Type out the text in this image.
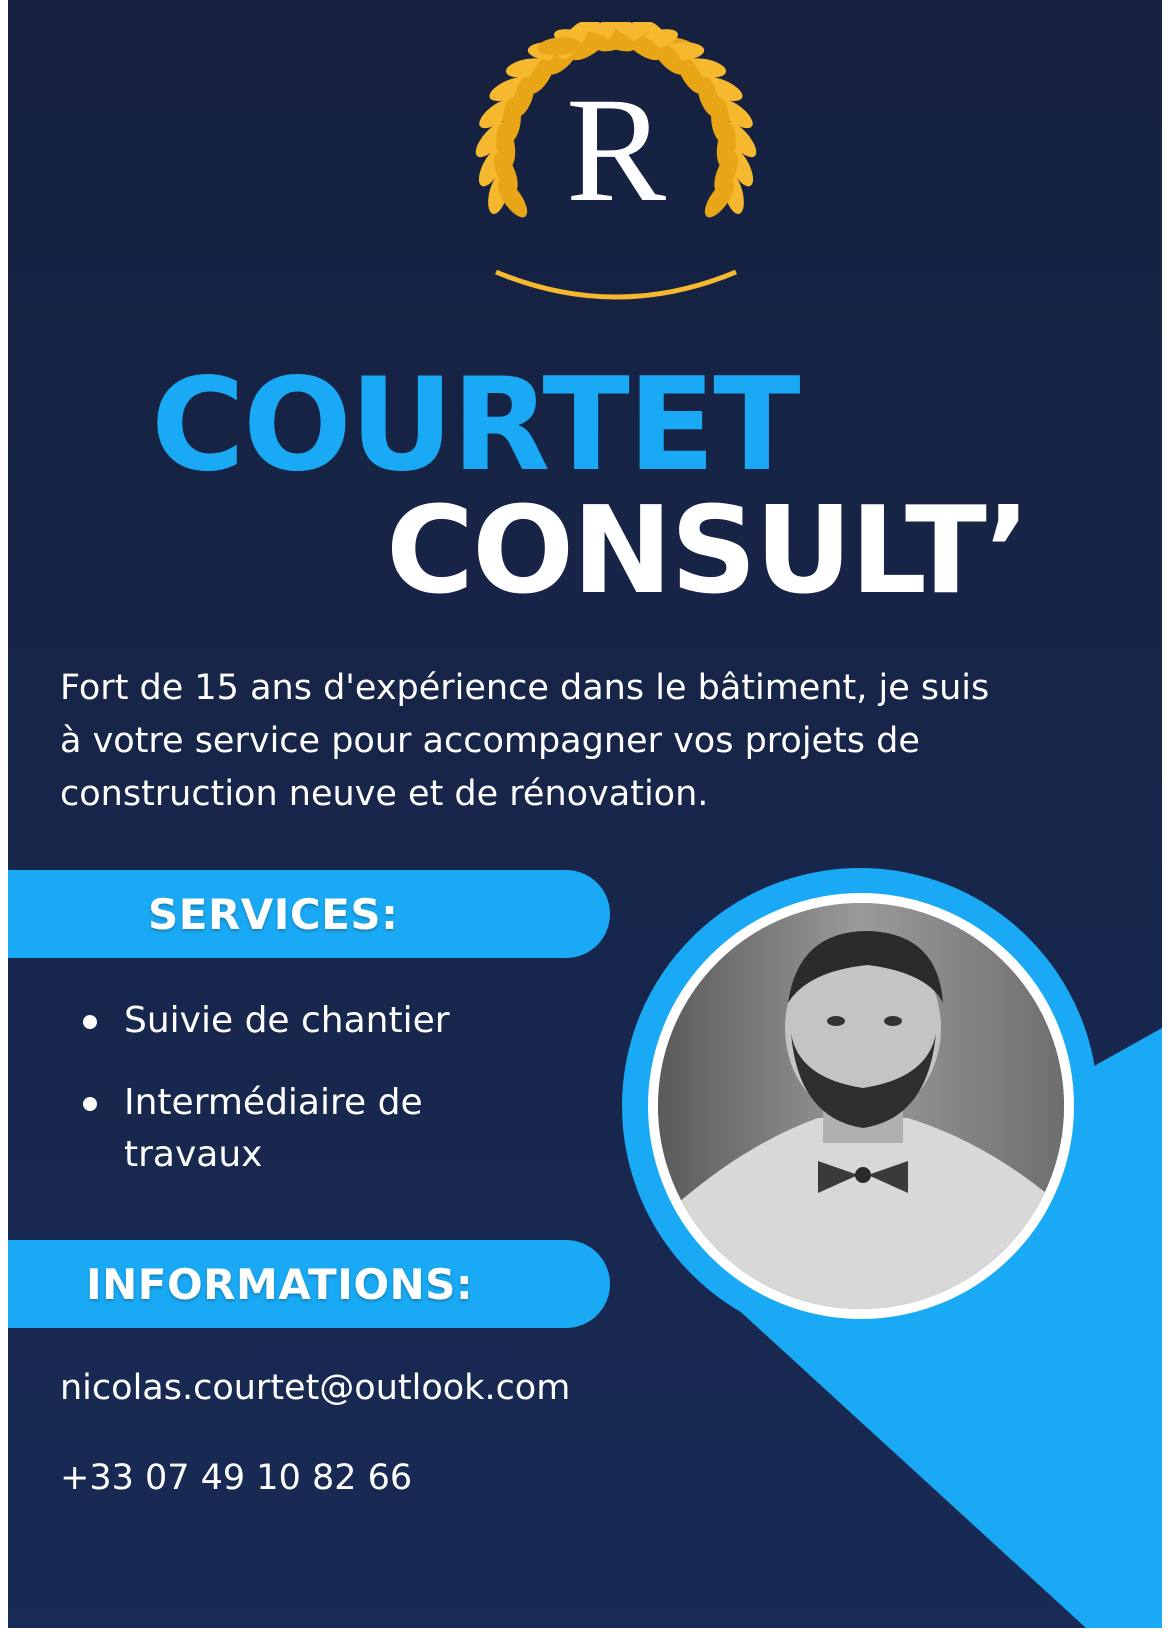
R
COURTET
CONSULT’

Fort de 15 ans d'expérience dans le bâtiment, je suis à votre service pour accompagner vos projets de construction neuve et de rénovation.

SERVICES:
Suivie de chantier
Intermédiaire de travaux
INFORMATIONS:

nicolas.courtet@outlook.com

+33 07 49 10 82 66
